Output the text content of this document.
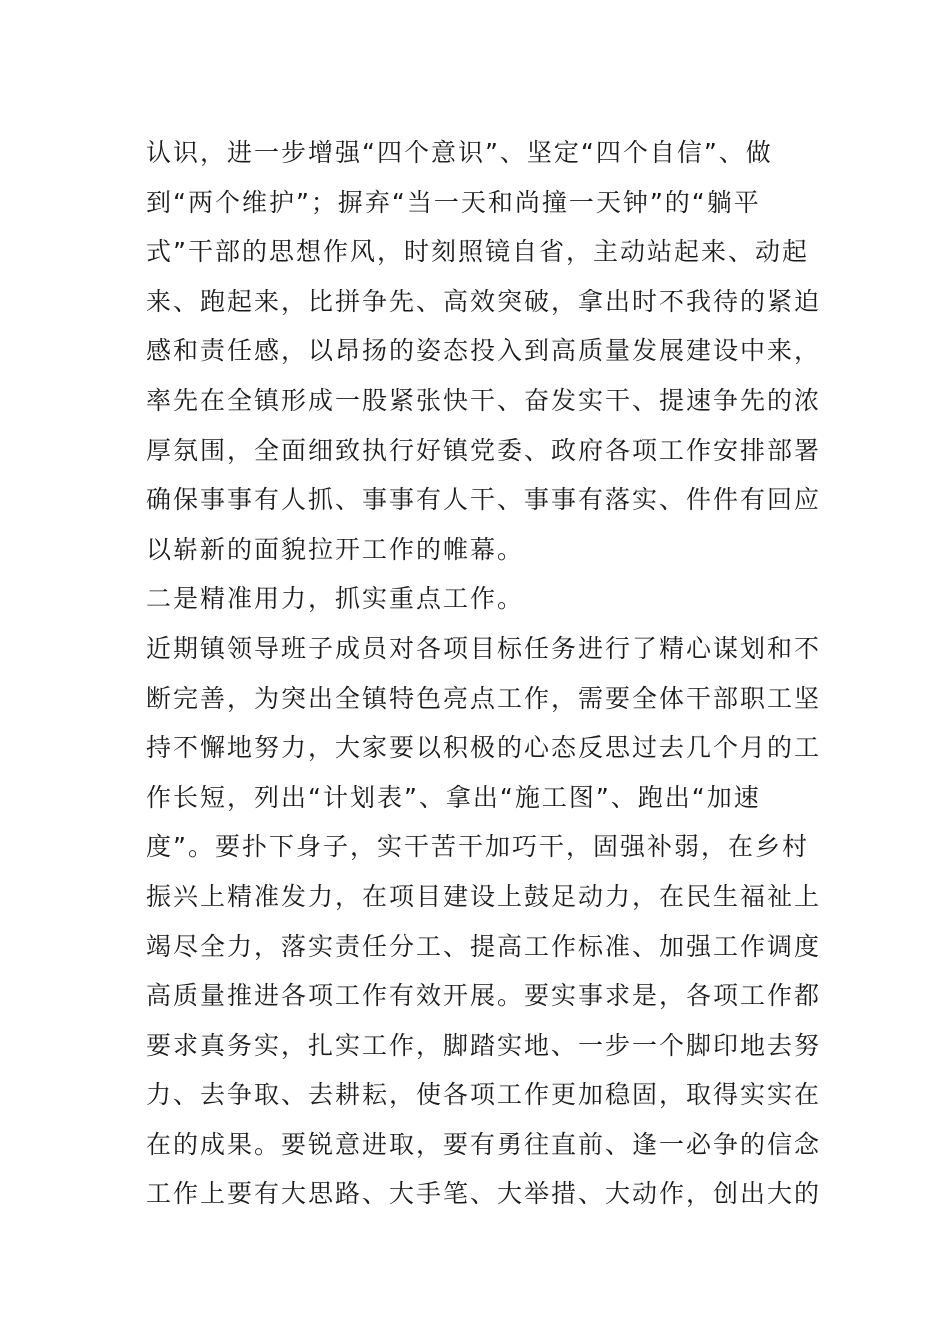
认识，进一步增强“四个意识”、坚定“四个自信”、做
到“两个维护”；摒弃“当一天和尚撞一天钟”的“躺平
式”干部的思想作风，时刻照镜自省，主动站起来、动起
来、跑起来，比拼争先、高效突破，拿出时不我待的紧迫
感和责任感，以昂扬的姿态投入到高质量发展建设中来，
率先在全镇形成一股紧张快干、奋发实干、提速争先的浓
厚氛围，全面细致执行好镇党委、政府各项工作安排部署
确保事事有人抓、事事有人干、事事有落实、件件有回应
以崭新的面貌拉开工作的帷幕。
二是精准用力，抓实重点工作。
近期镇领导班子成员对各项目标任务进行了精心谋划和不
断完善，为突出全镇特色亮点工作，需要全体干部职工坚
持不懈地努力，大家要以积极的心态反思过去几个月的工
作长短，列出“计划表”、拿出“施工图”、跑出“加速
度”。要扑下身子，实干苦干加巧干，固强补弱，在乡村
振兴上精准发力，在项目建设上鼓足动力，在民生福祉上
竭尽全力，落实责任分工、提高工作标准、加强工作调度
高质量推进各项工作有效开展。要实事求是，各项工作都
要求真务实，扎实工作，脚踏实地、一步一个脚印地去努
力、去争取、去耕耘，使各项工作更加稳固，取得实实在
在的成果。要锐意进取，要有勇往直前、逢一必争的信念
工作上要有大思路、大手笔、大举措、大动作，创出大的
